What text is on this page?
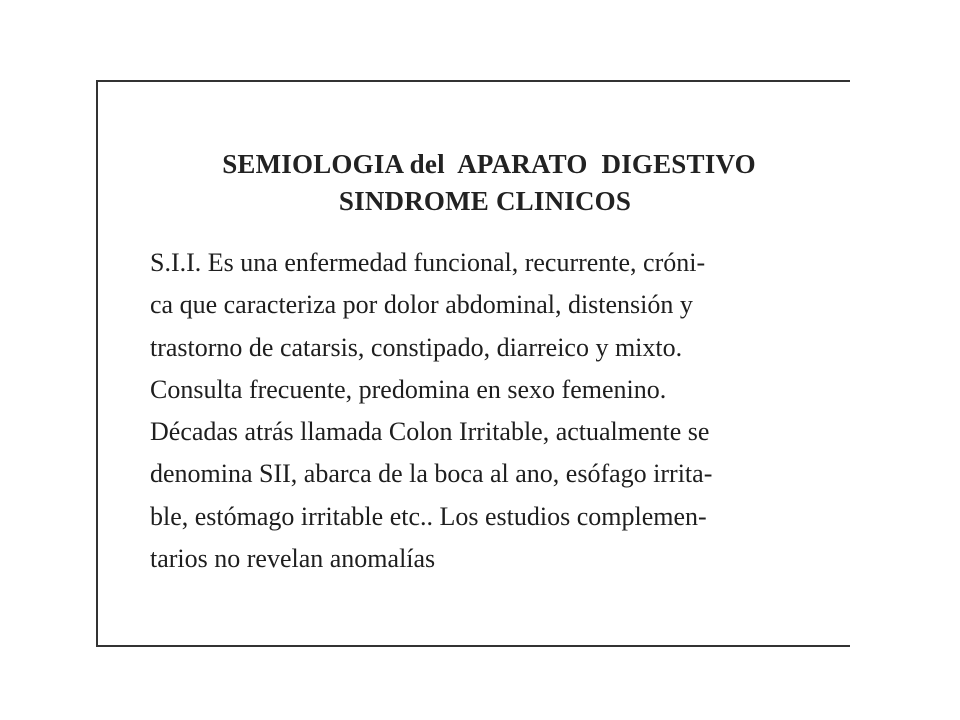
SEMIOLOGIA del  APARATO  DIGESTIVO
SINDROME CLINICOS
S.I.I. Es una enfermedad funcional, recurrente, cróni-
ca que caracteriza por dolor abdominal, distensión y
trastorno de catarsis, constipado, diarreico y mixto.
Consulta frecuente, predomina en sexo femenino.
Décadas atrás llamada Colon Irritable, actualmente se
denomina SII, abarca de la boca al ano, esófago irrita-
ble, estómago irritable etc.. Los estudios complemen-
tarios no revelan anomalías
